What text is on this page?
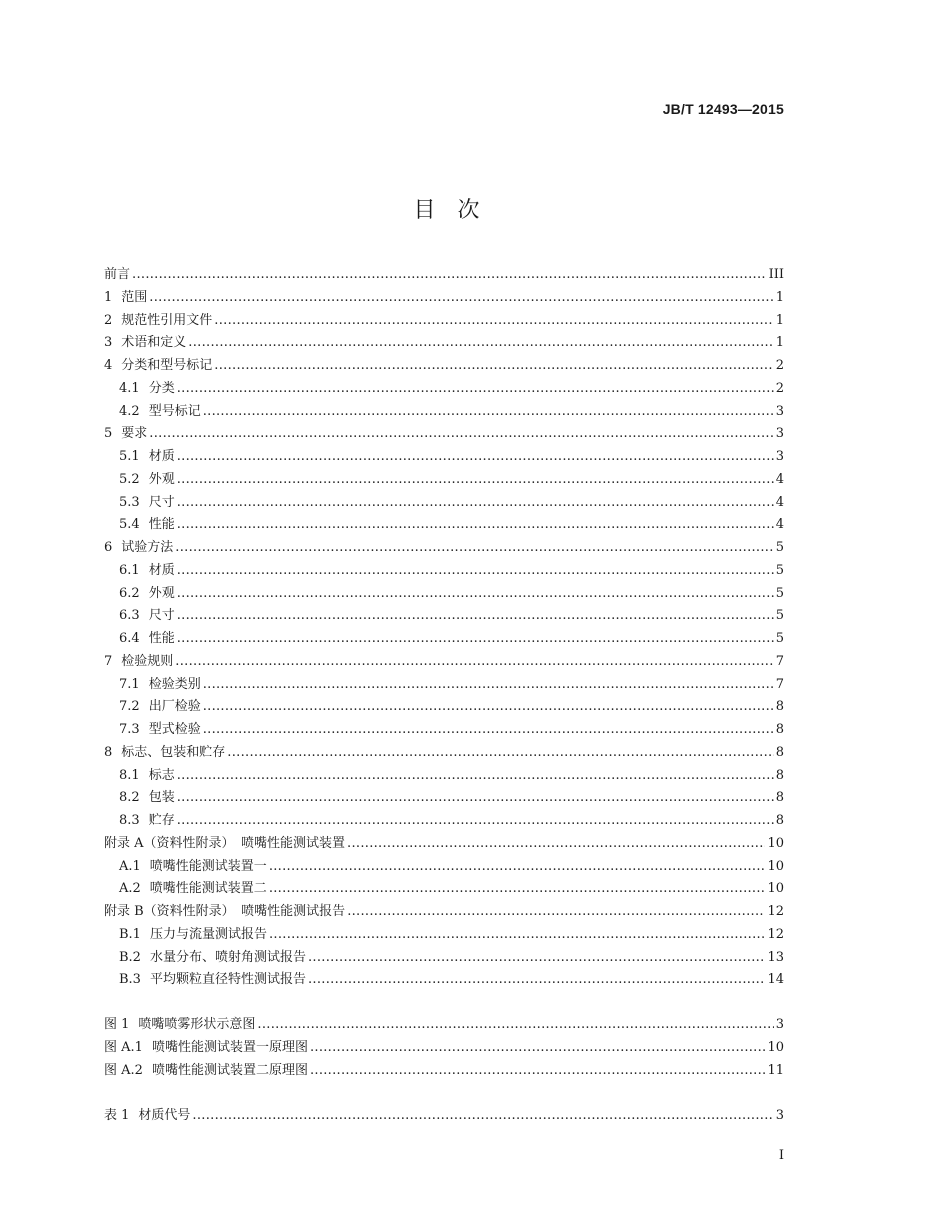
JB/T 12493—2015
目　次
前言 .....	III
1 范围 .....	1
2 规范性引用文件 .....	1
3 术语和定义 .....	1
4 分类和型号标记 .....	2
4.1 分类 .....	2
4.2 型号标记 .....	3
5 要求 .....	3
5.1 材质 .....	3
5.2 外观 .....	4
5.3 尺寸 .....	4
5.4 性能 .....	4
6 试验方法 .....	5
6.1 材质 .....	5
6.2 外观 .....	5
6.3 尺寸 .....	5
6.4 性能 .....	5
7 检验规则 .....	7
7.1 检验类别 .....	7
7.2 出厂检验 .....	8
7.3 型式检验 .....	8
8 标志、包装和贮存 .....	8
8.1 标志 .....	8
8.2 包装 .....	8
8.3 贮存 .....	8
附录 A（资料性附录）　喷嘴性能测试装置 .....	10
A.1 喷嘴性能测试装置一 .....	10
A.2 喷嘴性能测试装置二 .....	10
附录 B（资料性附录）　喷嘴性能测试报告 .....	12
B.1 压力与流量测试报告 .....	12
B.2 水量分布、喷射角测试报告 .....	13
B.3 平均颗粒直径特性测试报告 .....	14
图 1 喷嘴喷雾形状示意图 .....	3
图 A.1 喷嘴性能测试装置一原理图 .....	10
图 A.2 喷嘴性能测试装置二原理图 .....	11
表 1 材质代号 .....	3
I
